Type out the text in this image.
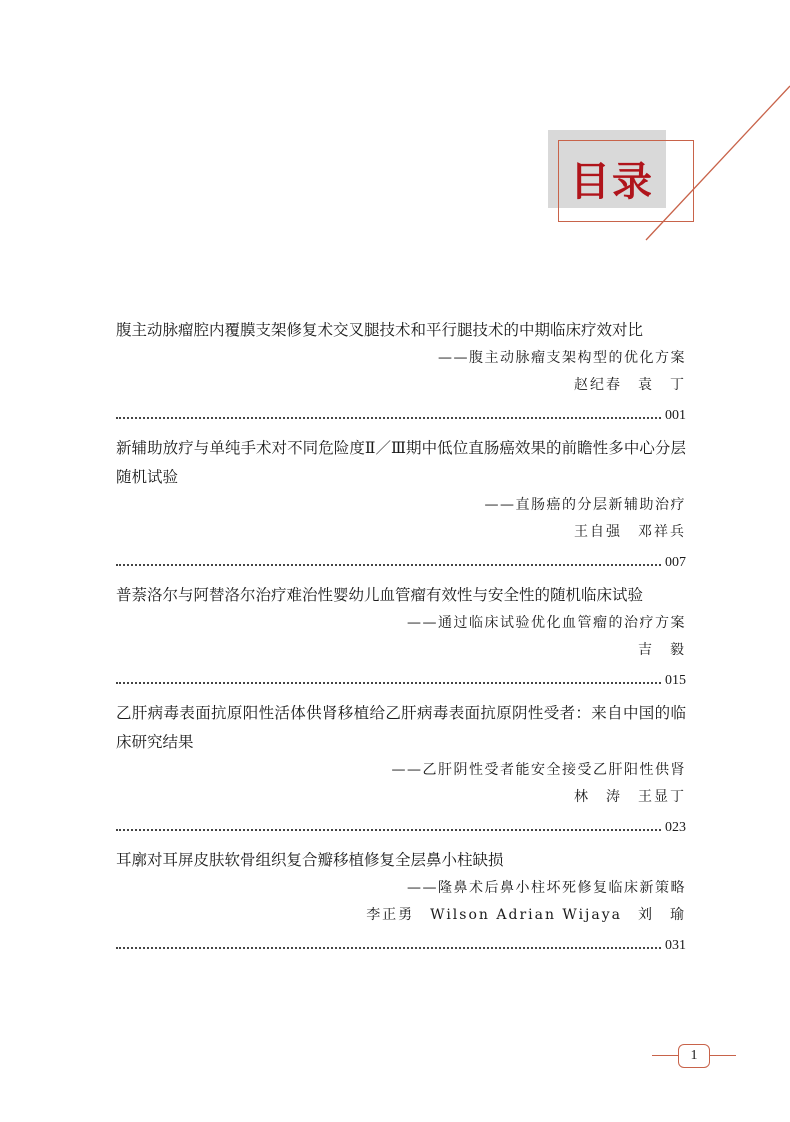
目录
腹主动脉瘤腔内覆膜支架修复术交叉腿技术和平行腿技术的中期临床疗效对比
——腹主动脉瘤支架构型的优化方案
赵纪春　袁　丁
001
新辅助放疗与单纯手术对不同危险度Ⅱ／Ⅲ期中低位直肠癌效果的前瞻性多中心分层随机试验
——直肠癌的分层新辅助治疗
王自强　邓祥兵
007
普萘洛尔与阿替洛尔治疗难治性婴幼儿血管瘤有效性与安全性的随机临床试验
——通过临床试验优化血管瘤的治疗方案
吉　毅
015
乙肝病毒表面抗原阳性活体供肾移植给乙肝病毒表面抗原阴性受者：来自中国的临床研究结果
——乙肝阴性受者能安全接受乙肝阳性供肾
林　涛　王显丁
023
耳廓对耳屏皮肤软骨组织复合瓣移植修复全层鼻小柱缺损
——隆鼻术后鼻小柱坏死修复临床新策略
李正勇　Wilson Adrian Wijaya　刘　瑜
031
1
